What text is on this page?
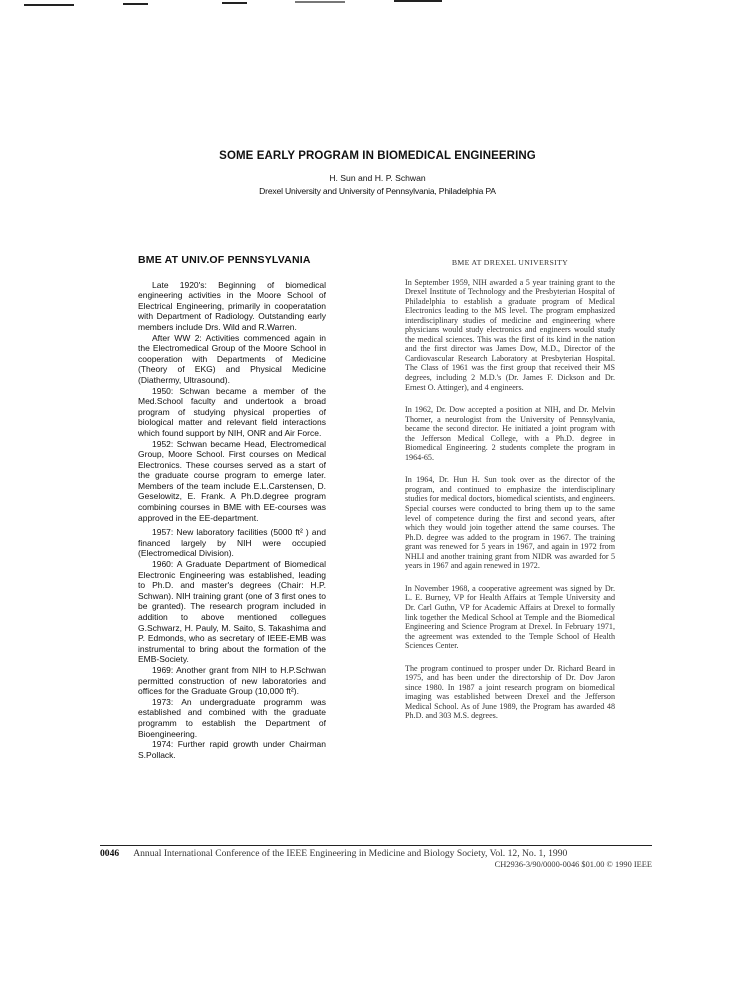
SOME EARLY PROGRAM IN BIOMEDICAL ENGINEERING
H. Sun and H. P. Schwan
Drexel University and University of Pennsylvania, Philadelphia PA
BME AT UNIV.OF PENNSYLVANIA

Late 1920's: Beginning of biomedical engineering activities in the Moore School of Electrical Engineering, primarily in cooperatation with Department of Radiology. Outstanding early members include Drs. Wild and R.Warren.

After WW 2: Activities commenced again in the Electromedical Group of the Moore School in cooperation with Departments of Medicine (Theory of EKG) and Physical Medicine (Diathermy, Ultrasound).

1950: Schwan became a member of the Med.School faculty and undertook a broad program of studying physical properties of biological matter and relevant field interactions which found support by NIH, ONR and Air Force.

1952: Schwan became Head, Electromedical Group, Moore School. First courses on Medical Electronics. These courses served as a start of the graduate course program to emerge later. Members of the team include E.L.Carstensen, D. Geselowitz, E. Frank. A Ph.D.degree program combining courses in BME with EE-courses was approved in the EE-department.

1957: New laboratory facilities (5000 ft² ) and financed largely by NIH were occupied (Electromedical Division).

1960: A Graduate Department of Biomedical Electronic Engineering was established, leading to Ph.D. and master's degrees (Chair: H.P. Schwan). NIH training grant (one of 3 first ones to be granted). The research program included in addition to above mentioned collegues G.Schwarz, H. Pauly, M. Saito, S. Takashima and P. Edmonds, who as secretary of IEEE-EMB was instrumental to bring about the formation of the EMB-Society.

1969: Another grant from NIH to H.P.Schwan permitted construction of new laboratories and offices for the Graduate Group (10,000 ft²).

1973: An undergraduate programm was established and combined with the graduate programm to establish the Department of Bioengineering.

1974: Further rapid growth under Chairman S.Pollack.

BME AT DREXEL UNIVERSITY

In September 1959, NIH awarded a 5 year training grant to the Drexel Institute of Technology and the Presbyterian Hospital of Philadelphia to establish a graduate program of Medical Electronics leading to the MS level. The program emphasized interdisciplinary studies of medicine and engineering where physicians would study electronics and engineers would study the medical sciences. This was the first of its kind in the nation and the first director was James Dow, M.D., Director of the Cardiovascular Research Laboratory at Presbyterian Hospital. The Class of 1961 was the first group that received their MS degrees, including 2 M.D.'s (Dr. James F. Dickson and Dr. Ernest O. Attinger), and 4 engineers.

In 1962, Dr. Dow accepted a position at NIH, and Dr. Melvin Thorner, a neurologist from the University of Pennsylvania, became the second director. He initiated a joint program with the Jefferson Medical College, with a Ph.D. degree in Biomedical Engineering. 2 students complete the program in 1964-65.

In 1964, Dr. Hun H. Sun took over as the director of the program, and continued to emphasize the interdisciplinary studies for medical doctors, biomedical scientists, and engineers. Special courses were conducted to bring them up to the same level of competence during the first and second years, after which they would join together attend the same courses. The Ph.D. degree was added to the program in 1967. The training grant was renewed for 5 years in 1967, and again in 1972 from NHLI and another training grant from NIDR was awarded for 5 years in 1967 and again renewed in 1972.

In November 1968, a cooperative agreement was signed by Dr. L. E. Burney, VP for Health Affairs at Temple University and Dr. Carl Guthn, VP for Academic Affairs at Drexel to formally link together the Medical School at Temple and the Biomedical Engineering and Science Program at Drexel. In February 1971, the agreement was extended to the Temple School of Health Sciences Center.

The program continued to prosper under Dr. Richard Beard in 1975, and has been under the directorship of Dr. Dov Jaron since 1980. In 1987 a joint research program on biomedical imaging was established between Drexel and the Jefferson Medical School. As of June 1989, the Program has awarded 48 Ph.D. and 303 M.S. degrees.

0046 Annual International Conference of the IEEE Engineering in Medicine and Biology Society, Vol. 12, No. 1, 1990
CH2936-3/90/0000-0046 $01.00 © 1990 IEEE
